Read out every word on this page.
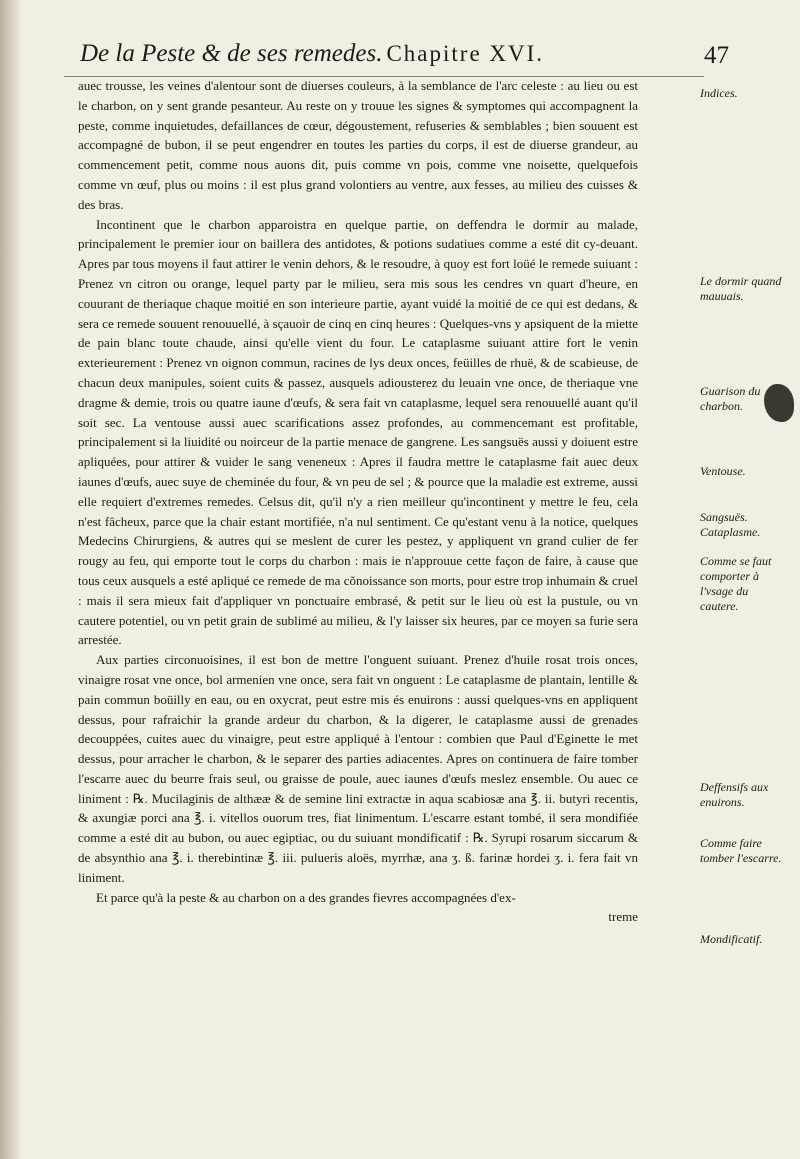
De la Peste & de ses remedes. Chapitre XVI.	47

auec trousse, les veines d'alentour sont de diuerses couleurs, à la semblance de l'arc celeste : au lieu ou est le charbon, on y sent grande pesanteur. Au reste on y trouue les signes & symptomes qui accompagnent la peste, comme inquietudes, defaillances de cœur, dégoustement, refuseries & semblables ; bien souuent est accompagné de bubon, il se peut engendrer en toutes les parties du corps, il est de diuerse grandeur, au commencement petit, comme nous auons dit, puis comme vn pois, comme vne noisette, quelquefois comme vn œuf, plus ou moins : il est plus grand volontiers au ventre, aux fesses, au milieu des cuisses & des bras.

Incontinent que le charbon apparoistra en quelque partie, on deffendra le dormir au malade, principalement le premier iour on baillera des antidotes, & potions sudatiues comme a esté dit cy-deuant. Apres par tous moyens il faut attirer le venin dehors, & le resoudre, à quoy est fort loüé le remede suiuant : Prenez vn citron ou orange, lequel party par le milieu, sera mis sous les cendres vn quart d'heure, en couurant de theriaque chaque moitié en son interieure partie, ayant vuidé la moitié de ce qui est dedans, & sera ce remede souuent renouuellé, à sçauoir de cinq en cinq heures : Quelques-vns y apsiquent de la miette de pain blanc toute chaude, ainsi qu'elle vient du four. Le cataplasme suiuant attire fort le venin exterieurement : Prenez vn oignon commun, racines de lys deux onces, feüilles de rhuë, & de scabieuse, de chacun deux manipules, soient cuits & passez, ausquels adiousterez du leuain vne once, de theriaque vne dragme & demie, trois ou quatre iaune d'œufs, & sera fait vn cataplasme, lequel sera renouuellé auant qu'il soit sec. La ventouse aussi auec scarifications assez profondes, au commencemant est profitable, principalement si la liuidité ou noirceur de la partie menace de gangrene. Les sangsuës aussi y doiuent estre apliquées, pour attirer & vuider le sang veneneux : Apres il faudra mettre le cataplasme fait auec deux iaunes d'œufs, auec suye de cheminée du four, & vn peu de sel ; & pource que la maladie est extreme, aussi elle requiert d'extremes remedes. Celsus dit, qu'il n'y a rien meilleur qu'incontinent y mettre le feu, cela n'est fâcheux, parce que la chair estant mortifiée, n'a nul sentiment. Ce qu'estant venu à la notice, quelques Medecins Chirurgiens, & autres qui se meslent de curer les pestez, y appliquent vn grand culier de fer rougy au feu, qui emporte tout le corps du charbon : mais ie n'approuue cette façon de faire, à cause que tous ceux ausquels a esté apliqué ce remede de ma cõnoissance son morts, pour estre trop inhumain & cruel : mais il sera mieux fait d'appliquer vn ponctuaire embrasé, & petit sur le lieu où est la pustule, ou vn cautere potentiel, ou vn petit grain de sublimé au milieu, & l'y laisser six heures, par ce moyen sa furie sera arrestée.

Aux parties circonuoisines, il est bon de mettre l'onguent suiuant. Prenez d'huile rosat trois onces, vinaigre rosat vne once, bol armenien vne once, sera fait vn onguent : Le cataplasme de plantain, lentille & pain commun boüilly en eau, ou en oxycrat, peut estre mis és enuirons : aussi quelques-vns en appliquent dessus, pour rafraichir la grande ardeur du charbon, & la digerer, le cataplasme aussi de grenades decouppées, cuites auec du vinaigre, peut estre appliqué à l'entour : combien que Paul d'Eginette le met dessus, pour arracher le charbon, & le separer des parties adiacentes. Apres on continuera de faire tomber l'escarre auec du beurre frais seul, ou graisse de poule, auec iaunes d'œufs meslez ensemble. Ou auec ce liniment : ℞. Mucilaginis de althææ & de semine lini extractæ in aqua scabiosæ ana ℥. ii. butyri recentis, & axungiæ porci ana ℥. i. vitellos ouorum tres, fiat linimentum. L'escarre estant tombé, il sera mondifiée comme a esté dit au bubon, ou auec egiptiac, ou du suiuant mondificatif : ℞. Syrupi rosarum siccarum & de absynthio ana ℥. i. therebintinæ ℥. iii. pulueris aloës, myrrhæ, ana ʒ. ß. farinæ hordei ʒ. i. fera fait vn liniment.

Et parce qu'à la peste & au charbon on a des grandes fievres accompagnées d'ex-

treme
Indices.
Le dormir quand mauuais.
Guarison du charbon.
Ventouse.
Sangsuës. Cataplasme.
Comme se faut comporter à l'vsage du cautere.
Deffensifs aux enuirons.
Comme faire tomber l'escarre.
Mondificatif.
